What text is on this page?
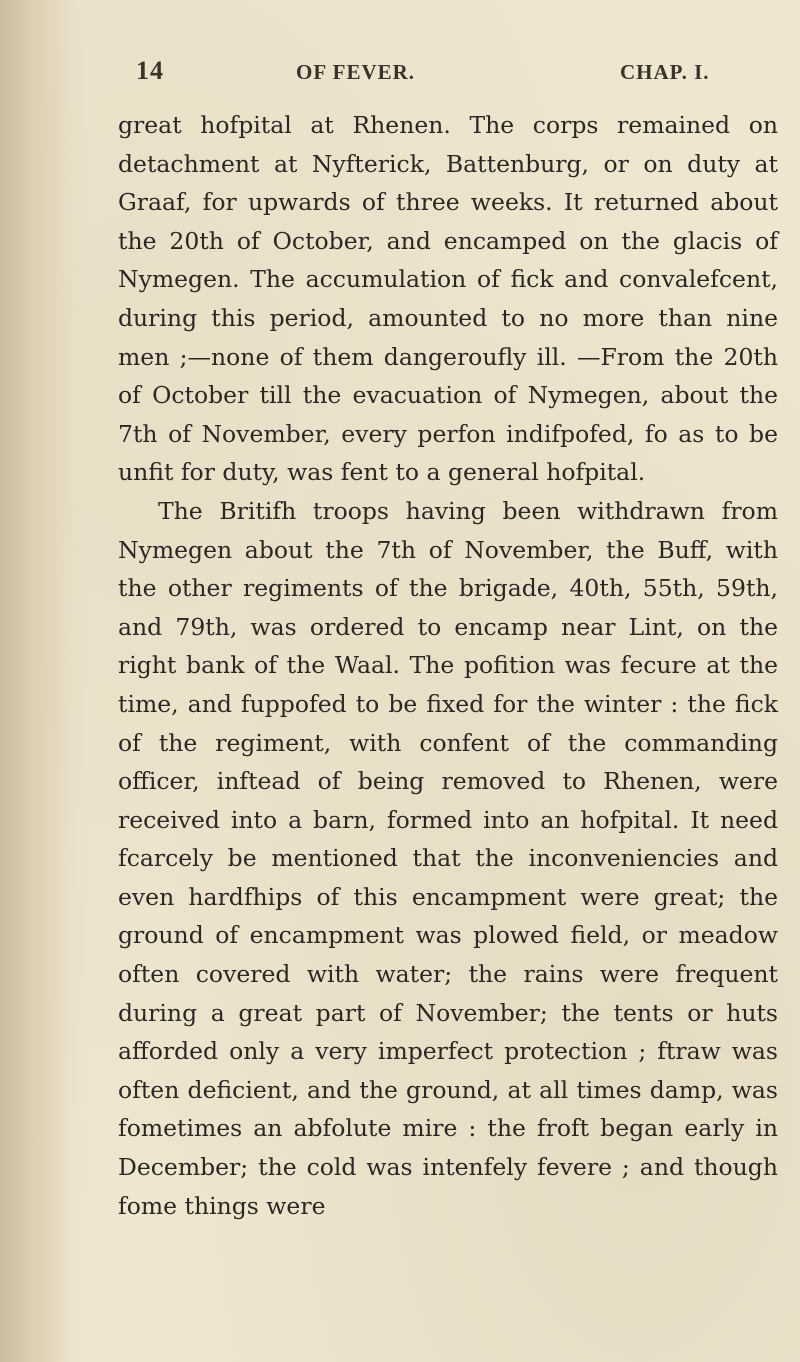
14	OF FEVER.	CHAP. I.

great hofpital at Rhenen. The corps remained on detachment at Nyfterick, Battenburg, or on duty at Graaf, for upwards of three weeks. It returned about the 20th of October, and encamped on the glacis of Nymegen. The accumulation of fick and convalefcent, during this period, amounted to no more than nine men ;—none of them dangeroufly ill. —From the 20th of October till the evacuation of Nymegen, about the 7th of November, every perfon indifpofed, fo as to be unfit for duty, was fent to a general hofpital.

The Britifh troops having been withdrawn from Nymegen about the 7th of November, the Buff, with the other regiments of the brigade, 40th, 55th, 59th, and 79th, was ordered to encamp near Lint, on the right bank of the Waal. The pofition was fecure at the time, and fuppofed to be fixed for the winter : the fick of the regiment, with confent of the commanding officer, inftead of being removed to Rhenen, were received into a barn, formed into an hofpital. It need fcarcely be mentioned that the inconveniencies and even hardfhips of this encampment were great; the ground of encampment was plowed field, or meadow often covered with water; the rains were frequent during a great part of November; the tents or huts afforded only a very imperfect protection ; ftraw was often deficient, and the ground, at all times damp, was fometimes an abfolute mire : the froft began early in December; the cold was intenfely fevere ; and though fome things were
